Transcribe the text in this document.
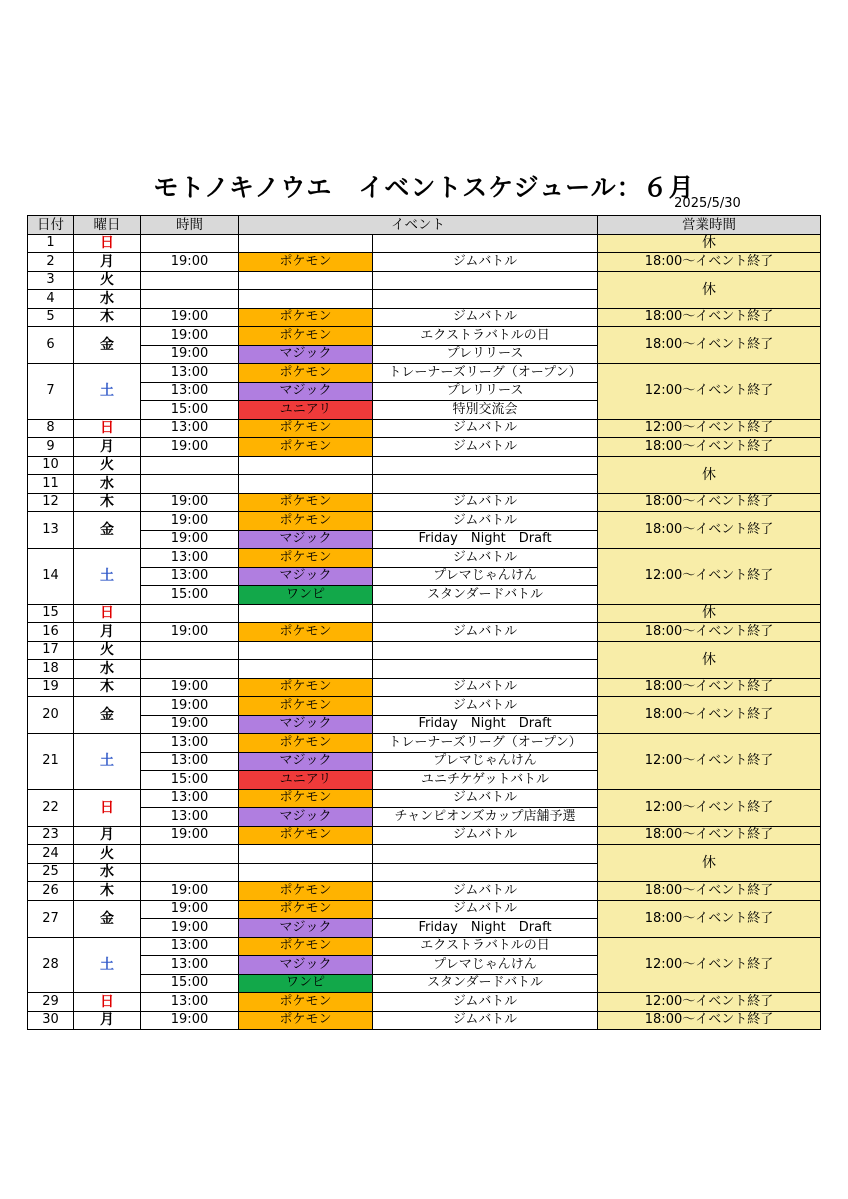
モトノキノウエ　イベントスケジュール：６月
2025/5/30
日付	曜日	時間	イベント		営業時間
1	日				休
2	月	19:00	ポケモン	ジムバトル	18:00～イベント終了
3	火				休
4	水				
5	木	19:00	ポケモン	ジムバトル	18:00～イベント終了
6	金	19:00	ポケモン	エクストラバトルの日	18:00～イベント終了
		19:00	マジック	プレリリース	
7	土	13:00	ポケモン	トレーナーズリーグ（オープン）	12:00～イベント終了
		13:00	マジック	プレリリース	
		15:00	ユニアリ	特別交流会	
8	日	13:00	ポケモン	ジムバトル	12:00～イベント終了
9	月	19:00	ポケモン	ジムバトル	18:00～イベント終了
10	火				休
11	水				
12	木	19:00	ポケモン	ジムバトル	18:00～イベント終了
13	金	19:00	ポケモン	ジムバトル	18:00～イベント終了
		19:00	マジック	Friday　Night　Draft	
14	土	13:00	ポケモン	ジムバトル	12:00～イベント終了
		13:00	マジック	プレマじゃんけん	
		15:00	ワンピ	スタンダードバトル	
15	日				休
16	月	19:00	ポケモン	ジムバトル	18:00～イベント終了
17	火				休
18	水				
19	木	19:00	ポケモン	ジムバトル	18:00～イベント終了
20	金	19:00	ポケモン	ジムバトル	18:00～イベント終了
		19:00	マジック	Friday　Night　Draft	
21	土	13:00	ポケモン	トレーナーズリーグ（オープン）	12:00～イベント終了
		13:00	マジック	プレマじゃんけん	
		15:00	ユニアリ	ユニチケゲットバトル	
22	日	13:00	ポケモン	ジムバトル	12:00～イベント終了
		13:00	マジック	チャンピオンズカップ店舗予選	
23	月	19:00	ポケモン	ジムバトル	18:00～イベント終了
24	火				休
25	水				
26	木	19:00	ポケモン	ジムバトル	18:00～イベント終了
27	金	19:00	ポケモン	ジムバトル	18:00～イベント終了
		19:00	マジック	Friday　Night　Draft	
28	土	13:00	ポケモン	エクストラバトルの日	12:00～イベント終了
		13:00	マジック	プレマじゃんけん	
		15:00	ワンピ	スタンダードバトル	
29	日	13:00	ポケモン	ジムバトル	12:00～イベント終了
30	月	19:00	ポケモン	ジムバトル	18:00～イベント終了
